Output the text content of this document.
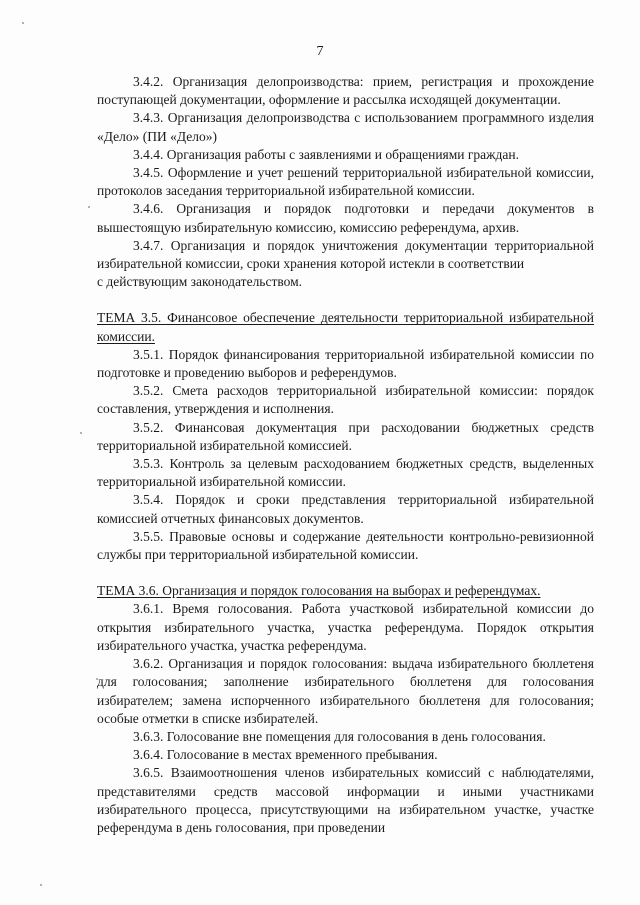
7

3.4.2. Организация делопроизводства: прием, регистрация и прохождение поступающей документации, оформление и рассылка исходящей документации.

3.4.3. Организация делопроизводства с использованием программного изделия «Дело» (ПИ «Дело»)

3.4.4. Организация работы с заявлениями и обращениями граждан.

3.4.5. Оформление и учет решений территориальной избирательной комиссии, протоколов заседания территориальной избирательной комиссии.

3.4.6. Организация и порядок подготовки и передачи документов в вышестоящую избирательную комиссию, комиссию референдума, архив.

3.4.7. Организация и порядок уничтожения документации территориальной избирательной комиссии, сроки хранения которой истекли в соответствии

с действующим законодательством.

ТЕМА 3.5. Финансовое обеспечение деятельности территориальной избирательной комиссии.

3.5.1. Порядок финансирования территориальной избирательной комиссии по подготовке и проведению выборов и референдумов.

3.5.2. Смета расходов территориальной избирательной комиссии: порядок составления, утверждения и исполнения.

3.5.2. Финансовая документация при расходовании бюджетных средств территориальной избирательной комиссией.

3.5.3. Контроль за целевым расходованием бюджетных средств, выделенных территориальной избирательной комиссии.

3.5.4. Порядок и сроки представления территориальной избирательной комиссией отчетных финансовых документов.

3.5.5. Правовые основы и содержание деятельности контрольно-ревизионной службы при территориальной избирательной комиссии.

ТЕМА 3.6. Организация и порядок голосования на выборах и референдумах.

3.6.1. Время голосования. Работа участковой избирательной комиссии до открытия избирательного участка, участка референдума. Порядок открытия избирательного участка, участка референдума.

3.6.2. Организация и порядок голосования: выдача избирательного бюллетеня для голосования; заполнение избирательного бюллетеня для голосования избирателем; замена испорченного избирательного бюллетеня для голосования; особые отметки в списке избирателей.

3.6.3. Голосование вне помещения для голосования в день голосования.

3.6.4. Голосование в местах временного пребывания.

3.6.5. Взаимоотношения членов избирательных комиссий с наблюдателями, представителями средств массовой информации и иными участниками избирательного процесса, присутствующими на избирательном участке, участке референдума в день голосования, при проведении
